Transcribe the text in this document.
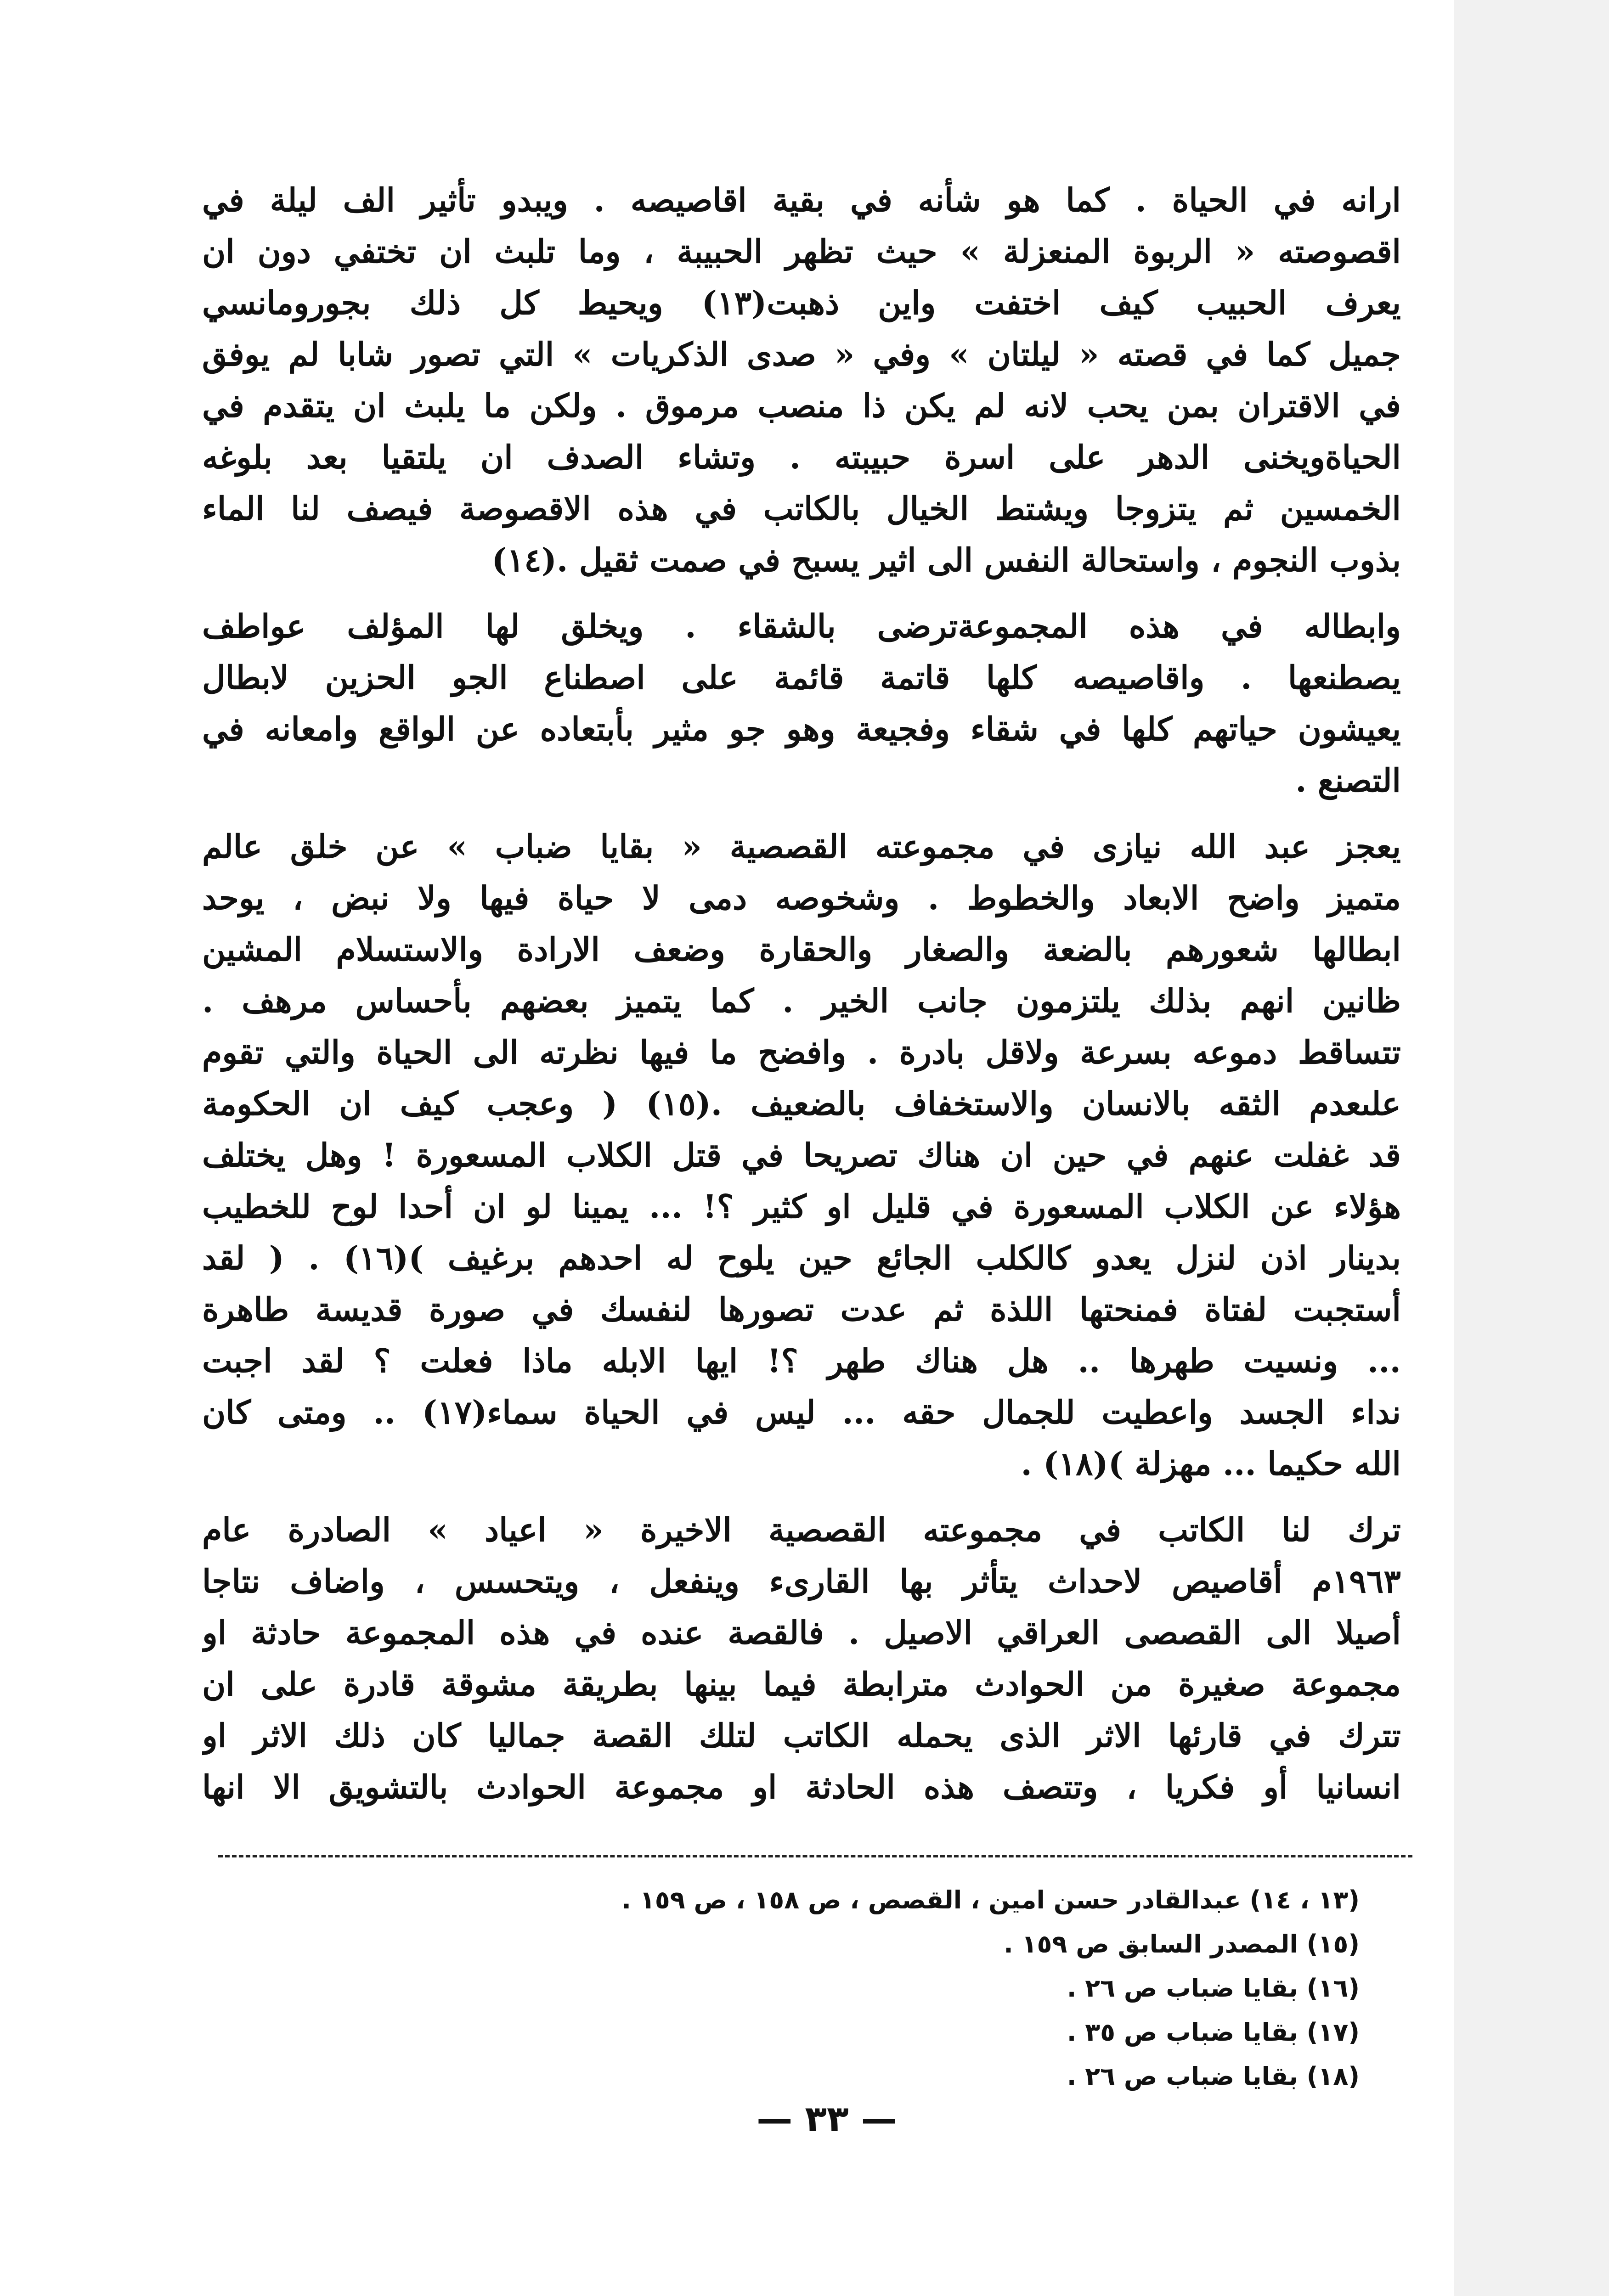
ارانه في الحياة . كما هو شأنه في بقية اقاصيصه . ويبدو تأثير الف ليلة في
اقصوصته « الربوة المنعزلة » حيث تظهر الحبيبة ، وما تلبث ان تختفي دون ان
يعرف الحبيب كيف اختفت واين ذهبت(١٣) ويحيط كل ذلك بجورومانسي
جميل كما في قصته « ليلتان » وفي « صدى الذكريات » التي تصور شابا لم يوفق
في الاقتران بمن يحب لانه لم يكن ذا منصب مرموق . ولكن ما يلبث ان يتقدم في
الحياةويخنى الدهر على اسرة حبيبته . وتشاء الصدف ان يلتقيا بعد بلوغه
الخمسين ثم يتزوجا ويشتط الخيال بالكاتب في هذه الاقصوصة فيصف لنا الماء
بذوب النجوم ، واستحالة النفس الى اثير يسبح في صمت ثقيل .(١٤)
وابطاله في هذه المجموعةترضى بالشقاء . ويخلق لها المؤلف عواطف
يصطنعها . واقاصيصه كلها قاتمة قائمة على اصطناع الجو الحزين لابطال
يعيشون حياتهم كلها في شقاء وفجيعة وهو جو مثير بأبتعاده عن الواقع وامعانه في
التصنع .
يعجز عبد الله نيازى في مجموعته القصصية « بقايا ضباب » عن خلق عالم
متميز واضح الابعاد والخطوط . وشخوصه دمى لا حياة فيها ولا نبض ، يوحد
ابطالها شعورهم بالضعة والصغار والحقارة وضعف الارادة والاستسلام المشين
ظانين انهم بذلك يلتزمون جانب الخير . كما يتميز بعضهم بأحساس مرهف .
تتساقط دموعه بسرعة ولاقل بادرة . وافضح ما فيها نظرته الى الحياة والتي تقوم
علىعدم الثقه بالانسان والاستخفاف بالضعيف .(١٥) ( وعجب كيف ان الحكومة
قد غفلت عنهم في حين ان هناك تصريحا في قتل الكلاب المسعورة ! وهل يختلف
هؤلاء عن الكلاب المسعورة في قليل او كثير ؟! ... يمينا لو ان أحدا لوح للخطيب
بدينار اذن لنزل يعدو كالكلب الجائع حين يلوح له احدهم برغيف )(١٦) . ( لقد
أستجبت لفتاة فمنحتها اللذة ثم عدت تصورها لنفسك في صورة قديسة طاهرة
... ونسيت طهرها .. هل هناك طهر ؟! ايها الابله ماذا فعلت ؟ لقد اجبت
نداء الجسد واعطيت للجمال حقه ... ليس في الحياة سماء(١٧) .. ومتى كان
الله حكيما ... مهزلة )(١٨) .
ترك لنا الكاتب في مجموعته القصصية الاخيرة « اعياد » الصادرة عام
١٩٦٣م أقاصيص لاحداث يتأثر بها القارىء وينفعل ، ويتحسس ، واضاف نتاجا
أصيلا الى القصصى العراقي الاصيل . فالقصة عنده في هذه المجموعة حادثة او
مجموعة صغيرة من الحوادث مترابطة فيما بينها بطريقة مشوقة قادرة على ان
تترك في قارئها الاثر الذى يحمله الكاتب لتلك القصة جماليا كان ذلك الاثر او
انسانيا أو فكريا ، وتتصف هذه الحادثة او مجموعة الحوادث بالتشويق الا انها
(١٣ ، ١٤) عبدالقادر حسن امين ، القصص ، ص ١٥٨ ، ص ١٥٩ .
(١٥) المصدر السابق ص ١٥٩ .
(١٦) بقايا ضباب ص ٢٦ .
(١٧) بقايا ضباب ص ٣٥ .
(١٨) بقايا ضباب ص ٢٦ .
— ٣٣ —
